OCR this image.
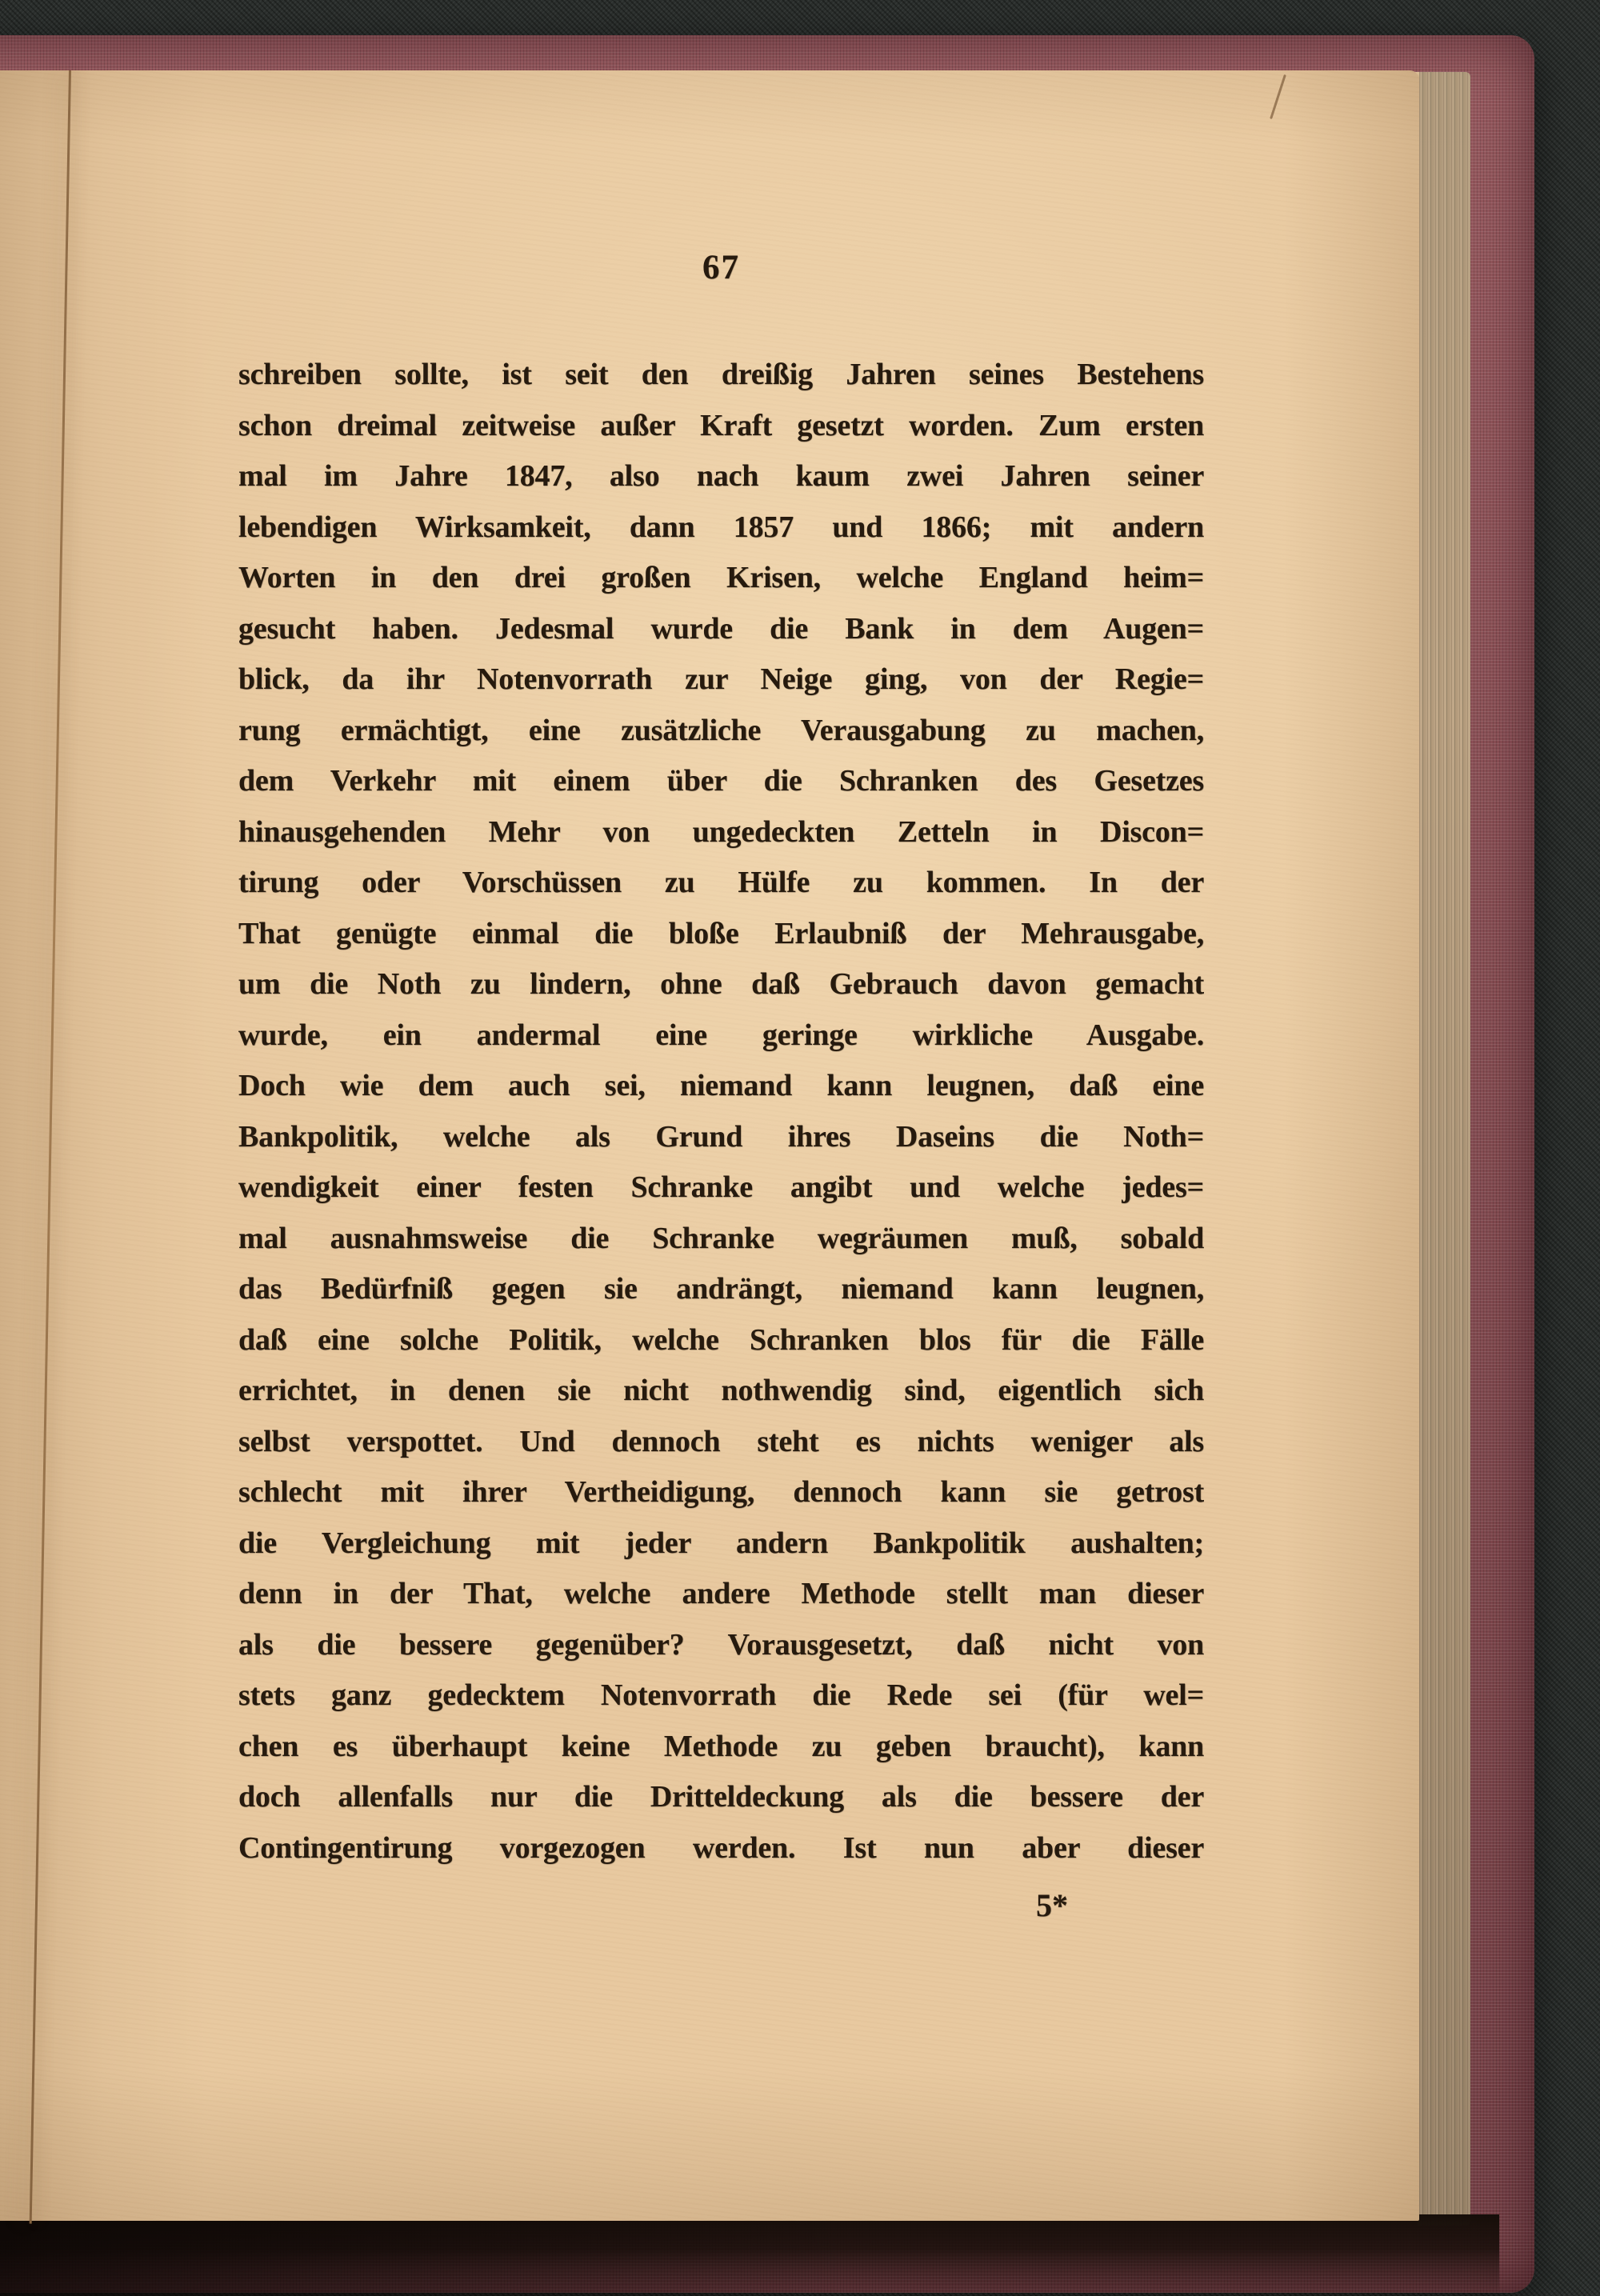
67
schreiben sollte, ist seit den dreißig Jahren seines Bestehens
schon dreimal zeitweise außer Kraft gesetzt worden. Zum ersten
mal im Jahre 1847, also nach kaum zwei Jahren seiner
lebendigen Wirksamkeit, dann 1857 und 1866; mit andern
Worten in den drei großen Krisen, welche England heim=
gesucht haben. Jedesmal wurde die Bank in dem Augen=
blick, da ihr Notenvorrath zur Neige ging, von der Regie=
rung ermächtigt, eine zusätzliche Verausgabung zu machen,
dem Verkehr mit einem über die Schranken des Gesetzes
hinausgehenden Mehr von ungedeckten Zetteln in Discon=
tirung oder Vorschüssen zu Hülfe zu kommen. In der
That genügte einmal die bloße Erlaubniß der Mehrausgabe,
um die Noth zu lindern, ohne daß Gebrauch davon gemacht
wurde, ein andermal eine geringe wirkliche Ausgabe.
Doch wie dem auch sei, niemand kann leugnen, daß eine
Bankpolitik, welche als Grund ihres Daseins die Noth=
wendigkeit einer festen Schranke angibt und welche jedes=
mal ausnahmsweise die Schranke wegräumen muß, sobald
das Bedürfniß gegen sie andrängt, niemand kann leugnen,
daß eine solche Politik, welche Schranken blos für die Fälle
errichtet, in denen sie nicht nothwendig sind, eigentlich sich
selbst verspottet. Und dennoch steht es nichts weniger als
schlecht mit ihrer Vertheidigung, dennoch kann sie getrost
die Vergleichung mit jeder andern Bankpolitik aushalten;
denn in der That, welche andere Methode stellt man dieser
als die bessere gegenüber? Vorausgesetzt, daß nicht von
stets ganz gedecktem Notenvorrath die Rede sei (für wel=
chen es überhaupt keine Methode zu geben braucht), kann
doch allenfalls nur die Dritteldeckung als die bessere der
Contingentirung vorgezogen werden. Ist nun aber dieser
5*
